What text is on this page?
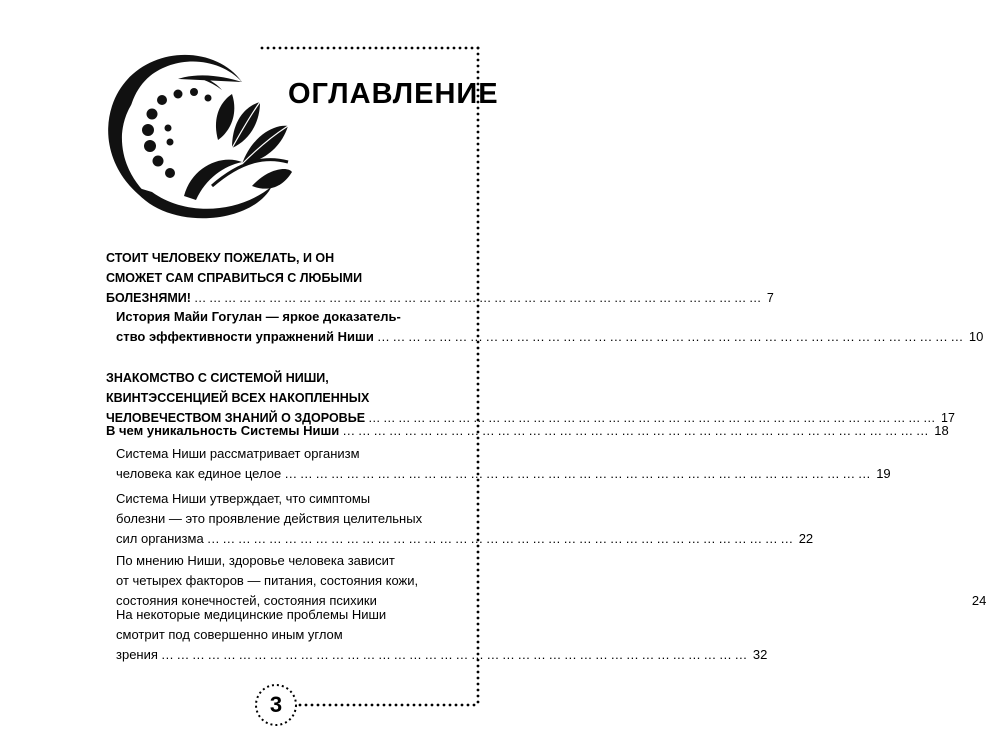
ОГЛАВЛЕНИЕ
СТОИТ ЧЕЛОВЕКУ ПОЖЕЛАТЬ, И ОН
СМОЖЕТ САМ СПРАВИТЬСЯ С ЛЮБЫМИ
БОЛЕЗНЯМИ! …………………………………………………………………………………………………… 7
История Майи Гогулан — яркое доказатель-
ство эффективности упражнений Ниши …………………………………………………………………………………………………… 10
ЗНАКОМСТВО С СИСТЕМОЙ НИШИ,
КВИНТЭССЕНЦИЕЙ ВСЕХ НАКОПЛЕННЫХ
ЧЕЛОВЕЧЕСТВОМ ЗНАНИЙ О ЗДОРОВЬЕ …………………………………………………………………………………………………… 17
В чем уникальность Системы Ниши …………………………………………………………………………………………………… 18
Система Ниши рассматривает организм
человека как единое целое …………………………………………………………………………………………………… 19
Система Ниши утверждает, что симптомы
болезни — это проявление действия целительных
сил организма …………………………………………………………………………………………………… 22
По мнению Ниши, здоровье человека зависит
от четырех факторов — питания, состояния кожи,
состояния конечностей, состояния психики	24
На некоторые медицинские проблемы Ниши
смотрит под совершенно иным углом
зрения …………………………………………………………………………………………………… 32
3
